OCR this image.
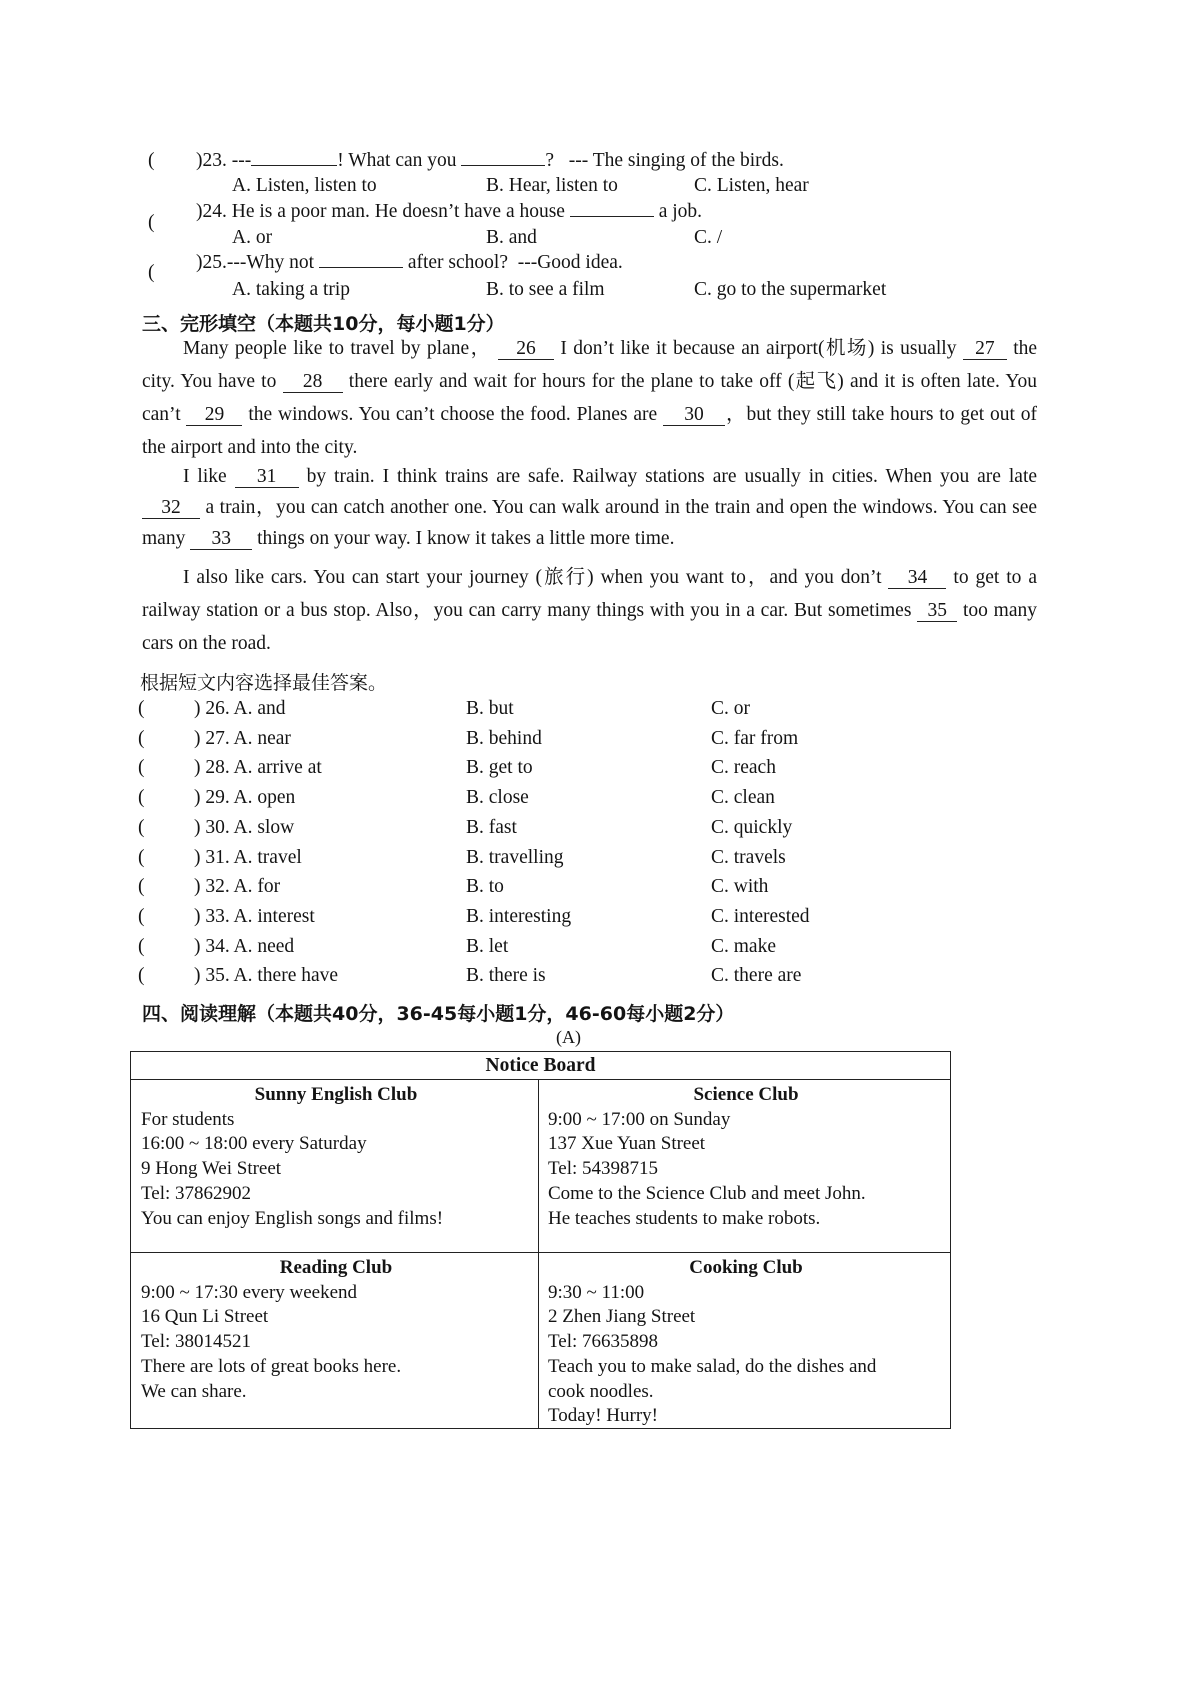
( )23. ---	! What can you	? --- The singing of the birds.
A. Listen, listen to	B. Hear, listen to	C. Listen, hear
(
)24. He is a poor man. He doesn’t have a house	a job.
A. or	B. and	C. /
( )25.---Why not	after school? ---Good idea.
A. taking a trip	B. to see a film	C. go to the supermarket
三、完形填空（本题共10分，每小题1分）
Many people like to travel by plane， 26 I don’t like it because an airport(机场) is usually 27 the city. You have to 28 there early and wait for hours for the plane to take off (起飞) and it is often late. You can’t 29 the windows. You can’t choose the food. Planes are 30 ，but they still take hours to get out of the airport and into the city.
I like 31 by train. I think trains are safe. Railway stations are usually in cities. When you are late 32 a train，you can catch another one. You can walk around in the train and open the windows. You can see many 33 things on your way. I know it takes a little more time.
I also like cars. You can start your journey (旅行) when you want to，and you don’t 34 to get to a railway station or a bus stop. Also，you can carry many things with you in a car. But sometimes 35 too many cars on the road.
根据短文内容选择最佳答案。
(	) 26. A. and	B. but	C. or
(	) 27. A. near	B. behind	C. far from
(	) 28. A. arrive at	B. get to	C. reach
(	) 29. A. open	B. close	C. clean
(	) 30. A. slow	B. fast	C. quickly
(	) 31. A. travel	B. travelling	C. travels
(	) 32. A. for	B. to	C. with
(	) 33. A. interest	B. interesting	C. interested
(	) 34. A. need	B. let	C. make
(	) 35. A. there have	B. there is	C. there are
四、阅读理解（本题共40分，36-45每小题1分，46-60每小题2分）
(A)
Notice Board
Sunny English Club
For students
16:00 ~ 18:00 every Saturday
9 Hong Wei Street
Tel: 37862902
You can enjoy English songs and films!
Science Club
9:00 ~ 17:00 on Sunday
137 Xue Yuan Street
Tel: 54398715
Come to the Science Club and meet John.
He teaches students to make robots.
Reading Club
9:00 ~ 17:30 every weekend
16 Qun Li Street
Tel: 38014521
There are lots of great books here.
We can share.
Cooking Club
9:30 ~ 11:00
2 Zhen Jiang Street
Tel: 76635898
Teach you to make salad, do the dishes and
cook noodles.
Today! Hurry!
